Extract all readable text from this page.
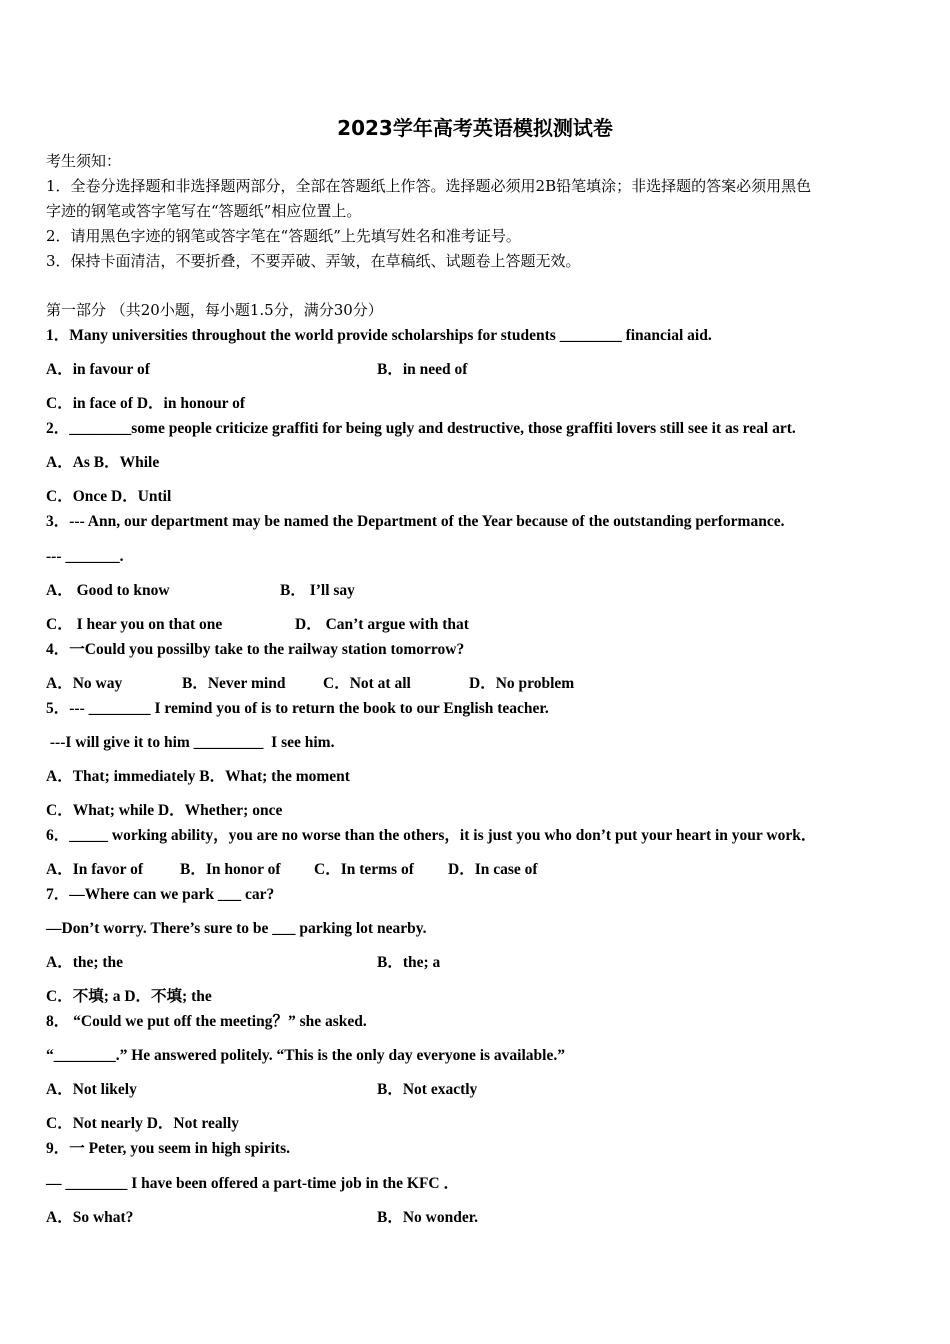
2023学年高考英语模拟测试卷
考生须知：
1．全卷分选择题和非选择题两部分，全部在答题纸上作答。选择题必须用2B铅笔填涂；非选择题的答案必须用黑色
字迹的钢笔或答字笔写在“答题纸”相应位置上。
2．请用黑色字迹的钢笔或答字笔在“答题纸”上先填写姓名和准考证号。
3．保持卡面清洁，不要折叠，不要弄破、弄皱，在草稿纸、试题卷上答题无效。
第一部分 （共20小题，每小题1.5分，满分30分）
1．Many universities throughout the world provide scholarships for students ________ financial aid.
A．in favour of	B．in need of
C．in face of D．in honour of
2．________some people criticize graffiti for being ugly and destructive, those graffiti lovers still see it as real art.
A．As B．While
C．Once D．Until
3．--- Ann, our department may be named the Department of the Year because of the outstanding performance.
--- _______.
A． Good to know	B． I’ll say
C． I hear you on that one	D． Can’t argue with that
4．一Could you possilby take to the railway station tomorrow?
A．No way	B．Never mind C．Not at all	D．No problem
5．--- ________ I remind you of is to return the book to our English teacher.
---I will give it to him _________  I see him.
A．That; immediately B．What; the moment
C．What; while D．Whether; once
6．_____ working ability，you are no worse than the others，it is just you who don’t put your heart in your work．
A．In favor of B．In honor of C．In terms of D．In case of
7．—Where can we park ___ car?
—Don’t worry. There’s sure to be ___ parking lot nearby.
A．the; the	B．the; a
C．不填; a D．不填; the
8． “Could we put off the meeting？” she asked.
“________.” He answered politely. “This is the only day everyone is available.”
A．Not likely	B．Not exactly
C．Not nearly D．Not really
9．一 Peter, you seem in high spirits.
— ________ I have been offered a part-time job in the KFC ．
A．So what?	B．No wonder.
